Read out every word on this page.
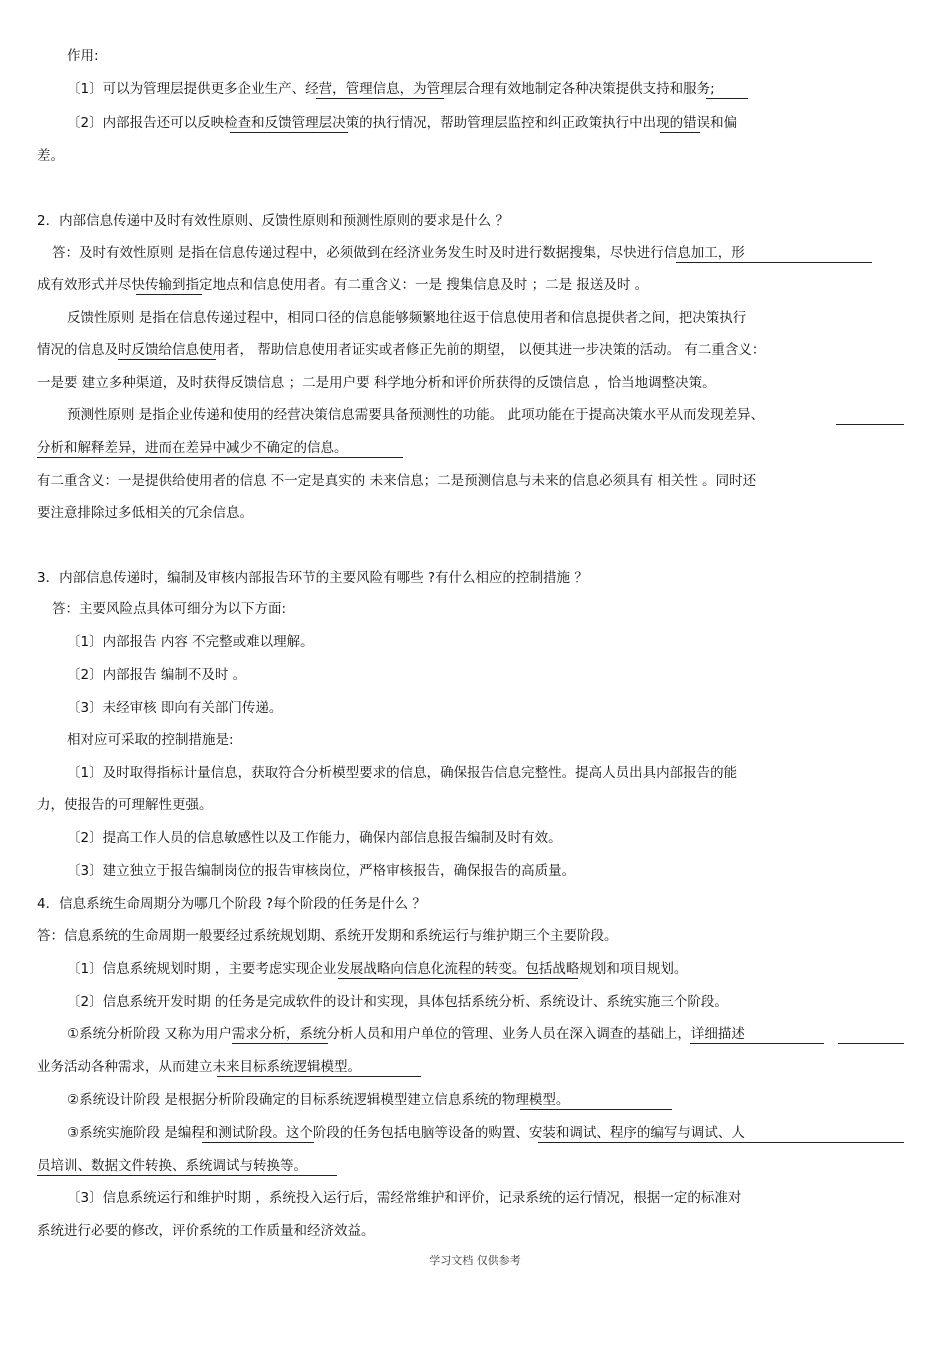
作用:
〔1〕可以为管理层提供更多企业生产、经营，管理信息，为管理层合理有效地制定各种决策提供支持和服务;
〔2〕内部报告还可以反映检查和反馈管理层决策的执行情况，帮助管理层监控和纠正政策执行中出现的错误和偏
差。
2．内部信息传递中及时有效性原则、反馈性原则和预测性原则的要求是什么 ？
答：及时有效性原则 是指在信息传递过程中，必须做到在经济业务发生时及时进行数据搜集，尽快进行信息加工，形
成有效形式并尽快传输到指定地点和信息使用者。有二重含义：一是 搜集信息及时 ；二是 报送及时 。
反馈性原则 是指在信息传递过程中，相同口径的信息能够频繁地往返于信息使用者和信息提供者之间，把决策执行
情况的信息及时反馈给信息使用者， 帮助信息使用者证实或者修正先前的期望， 以便其进一步决策的活动。 有二重含义：
一是要 建立多种渠道，及时获得反馈信息 ；二是用户要 科学地分析和评价所获得的反馈信息 ，恰当地调整决策。
预测性原则 是指企业传递和使用的经营决策信息需要具备预测性的功能。 此项功能在于提高决策水平从而发现差异、
分析和解释差异，进而在差异中减少不确定的信息。
有二重含义：一是提供给使用者的信息 不一定是真实的 未来信息；二是预测信息与未来的信息必须具有 相关性 。同时还
要注意排除过多低相关的冗余信息。
3．内部信息传递时，编制及审核内部报告环节的主要风险有哪些 ?有什么相应的控制措施 ？
答：主要风险点具体可细分为以下方面:
〔1〕内部报告 内容 不完整或难以理解。
〔2〕内部报告 编制不及时 。
〔3〕未经审核 即向有关部门传递。
相对应可采取的控制措施是:
〔1〕及时取得指标计量信息，获取符合分析模型要求的信息，确保报告信息完整性。提高人员出具内部报告的能
力，使报告的可理解性更强。
〔2〕提高工作人员的信息敏感性以及工作能力，确保内部信息报告编制及时有效。
〔3〕建立独立于报告编制岗位的报告审核岗位，严格审核报告，确保报告的高质量。
4．信息系统生命周期分为哪几个阶段 ?每个阶段的任务是什么 ？
答：信息系统的生命周期一般要经过系统规划期、系统开发期和系统运行与维护期三个主要阶段。
〔1〕信息系统规划时期 ，主要考虑实现企业发展战略向信息化流程的转变。包括战略规划和项目规划。
〔2〕信息系统开发时期 的任务是完成软件的设计和实现，具体包括系统分析、系统设计、系统实施三个阶段。
①系统分析阶段 又称为用户需求分析，系统分析人员和用户单位的管理、业务人员在深入调查的基础上，详细描述
业务活动各种需求，从而建立未来目标系统逻辑模型。
②系统设计阶段 是根据分析阶段确定的目标系统逻辑模型建立信息系统的物理模型。
③系统实施阶段 是编程和测试阶段。这个阶段的任务包括电脑等设备的购置、安装和调试、程序的编写与调试、人
员培训、数据文件转换、系统调试与转换等。
〔3〕信息系统运行和维护时期 ，系统投入运行后，需经常维护和评价，记录系统的运行情况，根据一定的标准对
系统进行必要的修改，评价系统的工作质量和经济效益。
学习文档 仅供参考
